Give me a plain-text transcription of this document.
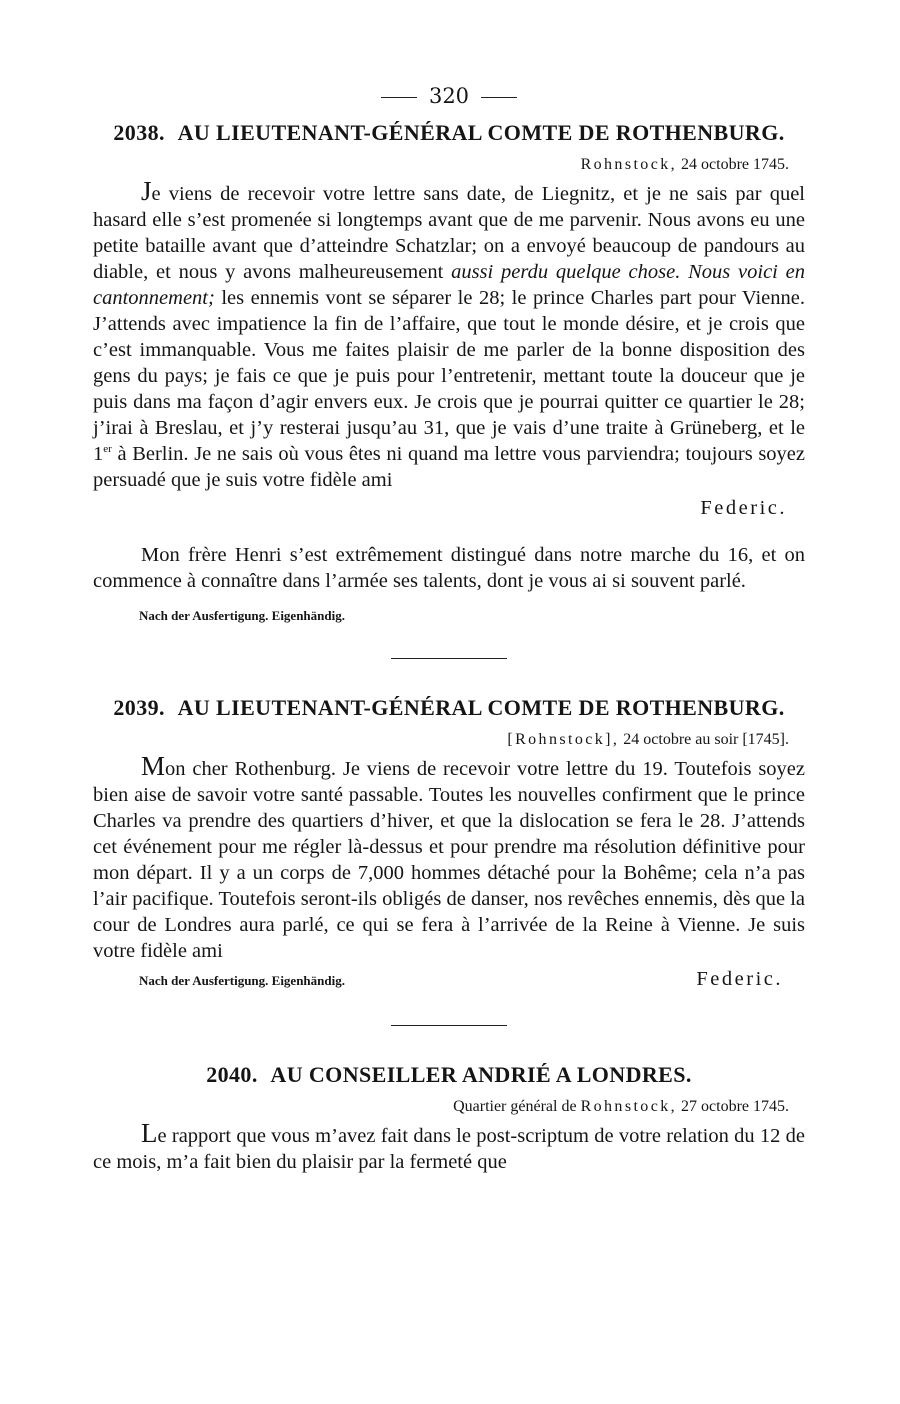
320
2038. AU LIEUTENANT-GÉNÉRAL COMTE DE ROTHENBURG.
Rohnstock, 24 octobre 1745.

Je viens de recevoir votre lettre sans date, de Liegnitz, et je ne sais par quel hasard elle s’est promenée si longtemps avant que de me parvenir. Nous avons eu une petite bataille avant que d’atteindre Schatzlar; on a envoyé beaucoup de pandours au diable, et nous y avons malheureusement aussi perdu quelque chose. Nous voici en cantonnement; les ennemis vont se séparer le 28; le prince Charles part pour Vienne. J’attends avec impatience la fin de l’affaire, que tout le monde désire, et je crois que c’est immanquable. Vous me faites plaisir de me parler de la bonne disposition des gens du pays; je fais ce que je puis pour l’entretenir, mettant toute la douceur que je puis dans ma façon d’agir envers eux. Je crois que je pourrai quitter ce quartier le 28; j’irai à Breslau, et j’y resterai jusqu’au 31, que je vais d’une traite à Grüneberg, et le 1er à Berlin. Je ne sais où vous êtes ni quand ma lettre vous parviendra; toujours soyez persuadé que je suis votre fidèle ami

Federic.

Mon frère Henri s’est extrêmement distingué dans notre marche du 16, et on commence à connaître dans l’armée ses talents, dont je vous ai si souvent parlé.

Nach der Ausfertigung. Eigenhändig.
2039. AU LIEUTENANT-GÉNÉRAL COMTE DE ROTHENBURG.
[Rohnstock], 24 octobre au soir [1745].

Mon cher Rothenburg. Je viens de recevoir votre lettre du 19. Toutefois soyez bien aise de savoir votre santé passable. Toutes les nouvelles confirment que le prince Charles va prendre des quartiers d’hiver, et que la dislocation se fera le 28. J’attends cet événement pour me régler là-dessus et pour prendre ma résolution définitive pour mon départ. Il y a un corps de 7,000 hommes détaché pour la Bohême; cela n’a pas l’air pacifique. Toutefois seront-ils obligés de danser, nos revêches ennemis, dès que la cour de Londres aura parlé, ce qui se fera à l’arrivée de la Reine à Vienne. Je suis votre fidèle ami

Nach der Ausfertigung. Eigenhändig.	Federic.
2040. AU CONSEILLER ANDRIÉ A LONDRES.
Quartier général de Rohnstock, 27 octobre 1745.

Le rapport que vous m’avez fait dans le post-scriptum de votre relation du 12 de ce mois, m’a fait bien du plaisir par la fermeté que
